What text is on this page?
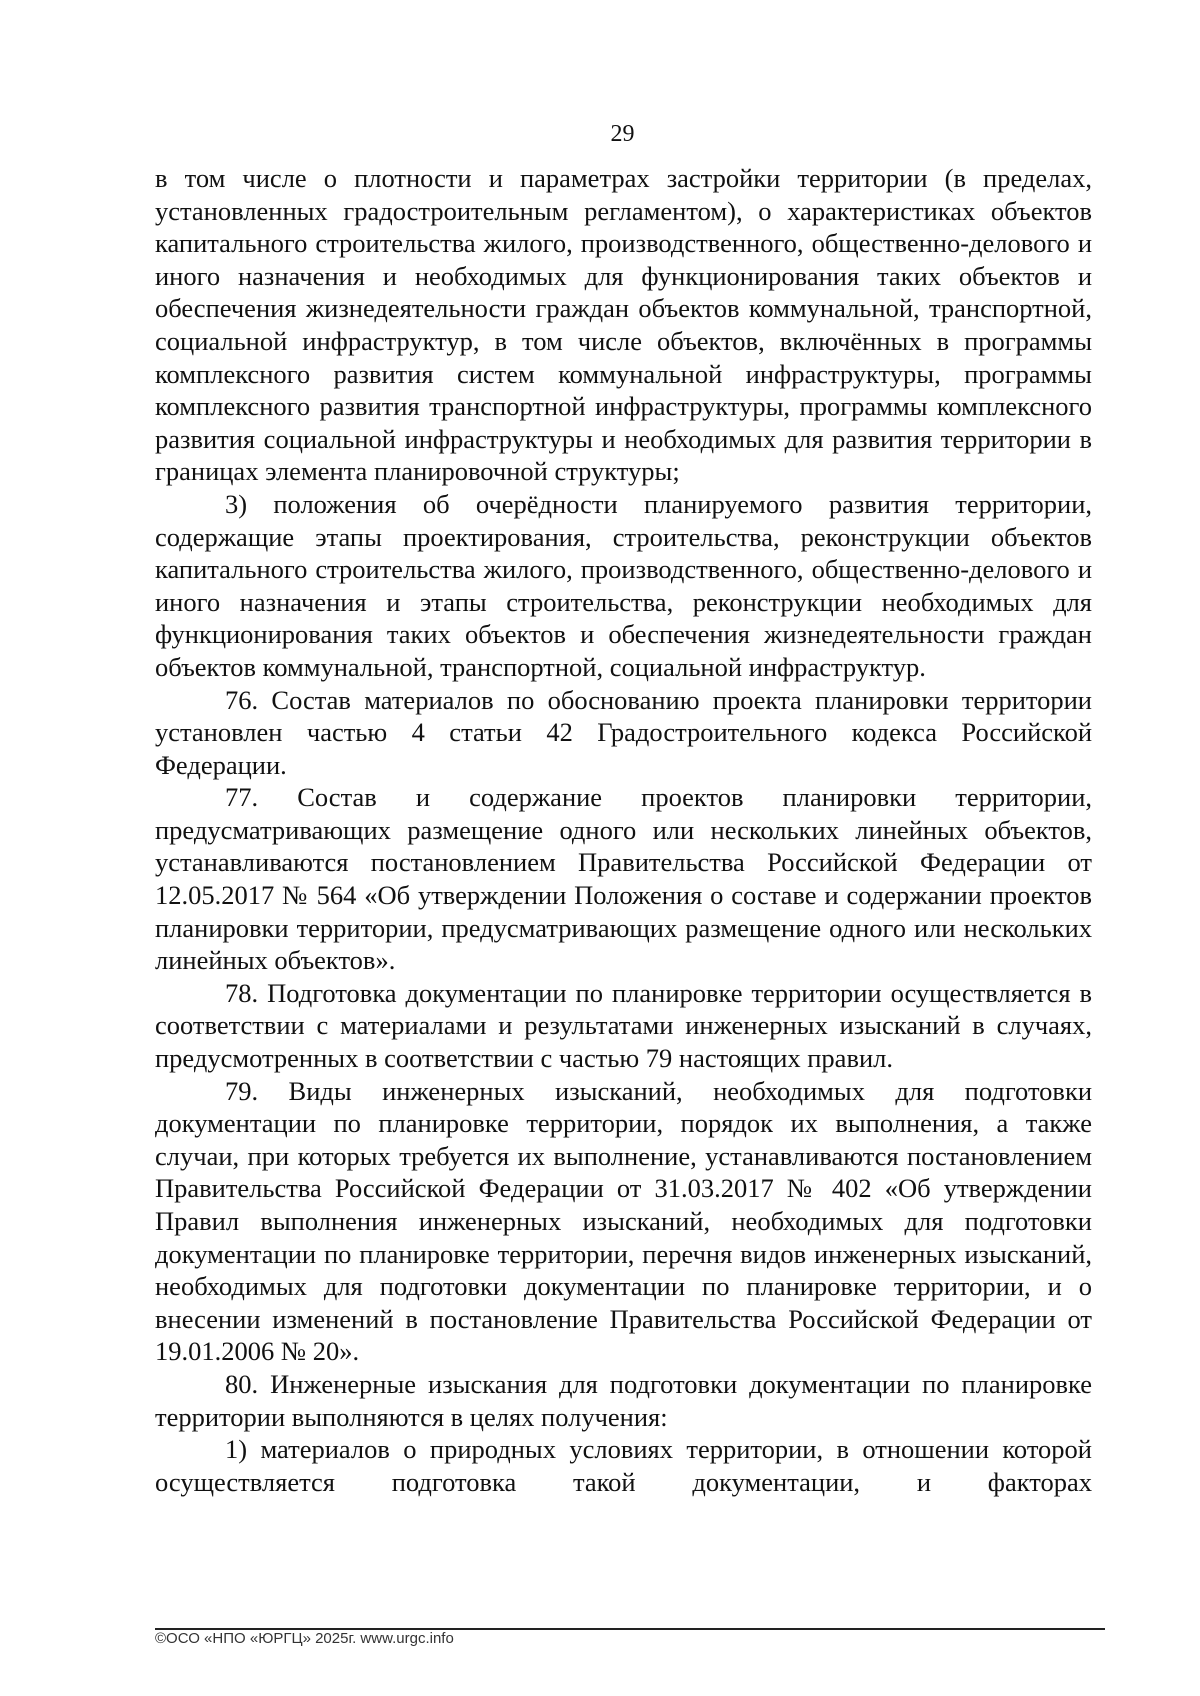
29

в том числе о плотности и параметрах застройки территории (в пределах, установленных градостроительным регламентом), о характеристиках объектов капитального строительства жилого, производственного, общественно-делового и иного назначения и необходимых для функционирования таких объектов и обеспечения жизнедеятельности граждан объектов коммунальной, транспортной, социальной инфраструктур, в том числе объектов, включённых в программы комплексного развития систем коммунальной инфраструктуры, программы комплексного развития транспортной инфраструктуры, программы комплексного развития социальной инфраструктуры и необходимых для развития территории в границах элемента планировочной структуры;

3) положения об очерёдности планируемого развития территории, содержащие этапы проектирования, строительства, реконструкции объектов капитального строительства жилого, производственного, общественно-делового и иного назначения и этапы строительства, реконструкции необходимых для функционирования таких объектов и обеспечения жизнедеятельности граждан объектов коммунальной, транспортной, социальной инфраструктур.

76. Состав материалов по обоснованию проекта планировки территории установлен частью 4 статьи 42 Градостроительного кодекса Российской Федерации.

77. Состав и содержание проектов планировки территории, предусматривающих размещение одного или нескольких линейных объектов, устанавливаются постановлением Правительства Российской Федерации от 12.05.2017 № 564 «Об утверждении Положения о составе и содержании проектов планировки территории, предусматривающих размещение одного или нескольких линейных объектов».

78. Подготовка документации по планировке территории осуществляется в соответствии с материалами и результатами инженерных изысканий в случаях, предусмотренных в соответствии с частью 79 настоящих правил.

79. Виды инженерных изысканий, необходимых для подготовки документации по планировке территории, порядок их выполнения, а также случаи, при которых требуется их выполнение, устанавливаются постановлением Правительства Российской Федерации от 31.03.2017 № 402 «Об утверждении Правил выполнения инженерных изысканий, необходимых для подготовки документации по планировке территории, перечня видов инженерных изысканий, необходимых для подготовки документации по планировке территории, и о внесении изменений в постановление Правительства Российской Федерации от 19.01.2006 № 20».

80. Инженерные изыскания для подготовки документации по планировке территории выполняются в целях получения:

1) материалов о природных условиях территории, в отношении которой осуществляется подготовка такой документации, и факторах

©ОСО «НПО «ЮРГЦ» 2025г. www.urgc.info
